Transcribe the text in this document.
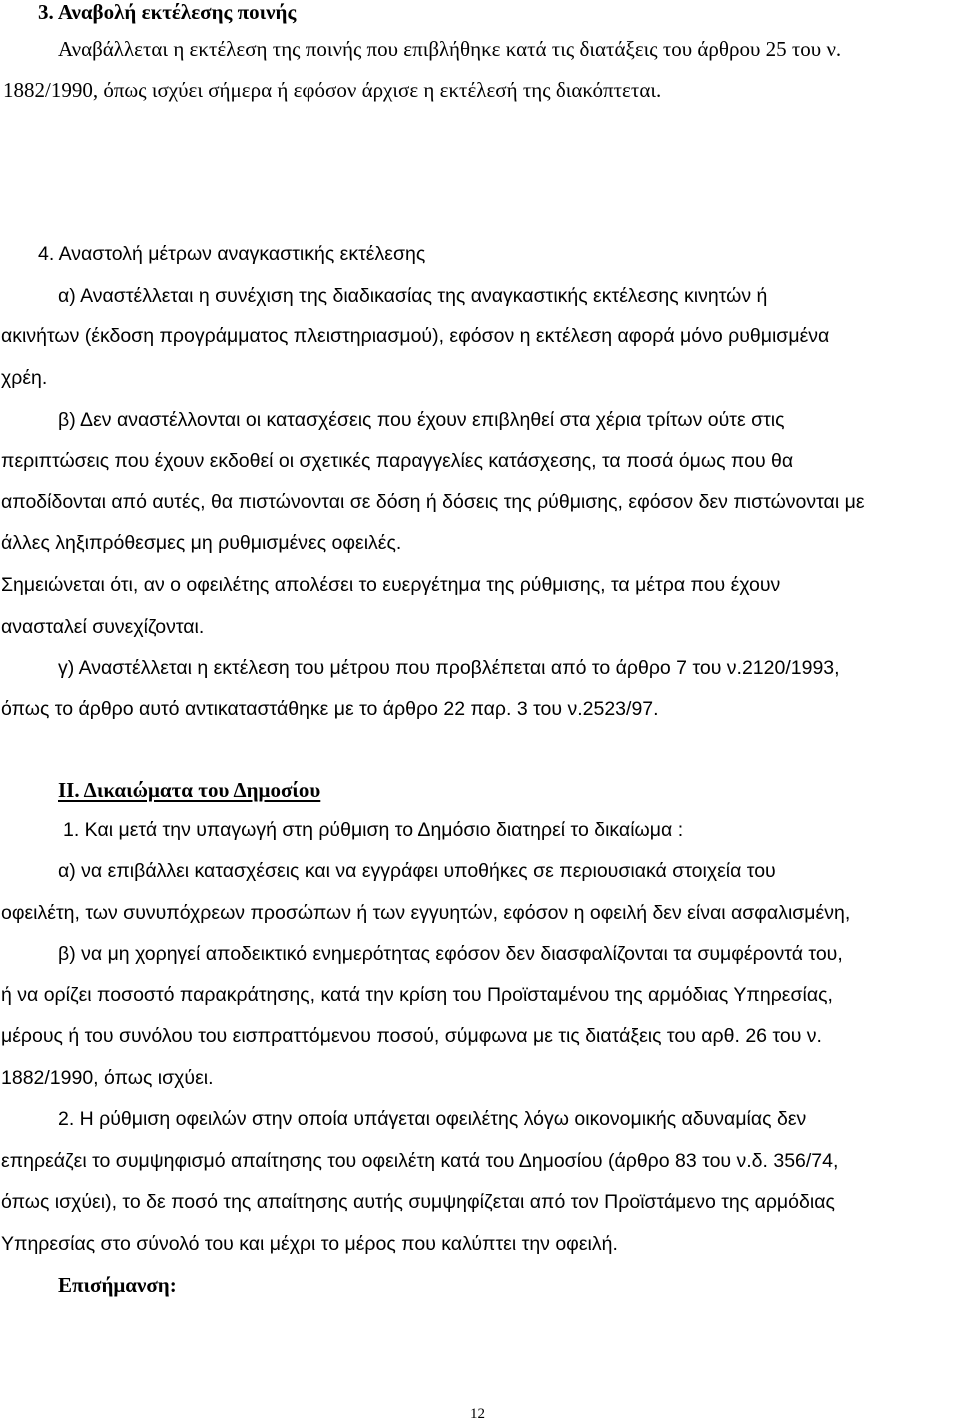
3. Αναβολή εκτέλεσης ποινής
Αναβάλλεται η εκτέλεση της ποινής που επιβλήθηκε κατά τις διατάξεις του άρθρου 25 του ν.
1882/1990, όπως ισχύει σήμερα ή εφόσον άρχισε η εκτέλεσή της διακόπτεται.
4. Αναστολή μέτρων αναγκαστικής εκτέλεσης
α) Αναστέλλεται η συνέχιση της διαδικασίας της αναγκαστικής εκτέλεσης κινητών ή
ακινήτων (έκδοση προγράμματος πλειστηριασμού), εφόσον η εκτέλεση αφορά μόνο ρυθμισμένα
χρέη.
β) Δεν αναστέλλονται οι κατασχέσεις που έχουν επιβληθεί στα χέρια τρίτων ούτε στις
περιπτώσεις που έχουν εκδοθεί οι σχετικές παραγγελίες κατάσχεσης, τα ποσά όμως που θα
αποδίδονται από αυτές, θα πιστώνονται σε δόση ή δόσεις της ρύθμισης, εφόσον δεν πιστώνονται με
άλλες ληξιπρόθεσμες μη ρυθμισμένες οφειλές.
Σημειώνεται ότι, αν ο οφειλέτης απολέσει το ευεργέτημα της ρύθμισης, τα μέτρα που έχουν
ανασταλεί συνεχίζονται.
γ) Αναστέλλεται η εκτέλεση του μέτρου που προβλέπεται από το άρθρο 7 του ν.2120/1993,
όπως το άρθρο αυτό αντικαταστάθηκε με το άρθρο 22 παρ. 3 του ν.2523/97.
ΙΙ. Δικαιώματα του Δημοσίου
1. Και μετά την υπαγωγή στη ρύθμιση το Δημόσιο διατηρεί το δικαίωμα :
α) να επιβάλλει κατασχέσεις και να εγγράφει υποθήκες σε περιουσιακά στοιχεία του
οφειλέτη, των συνυπόχρεων προσώπων ή των εγγυητών, εφόσον η οφειλή δεν είναι ασφαλισμένη,
β) να μη χορηγεί αποδεικτικό ενημερότητας εφόσον δεν διασφαλίζονται τα συμφέροντά του,
ή να ορίζει ποσοστό παρακράτησης, κατά την κρίση του Προϊσταμένου της αρμόδιας Υπηρεσίας,
μέρους ή του συνόλου του εισπραττόμενου ποσού, σύμφωνα με τις διατάξεις του αρθ. 26 του ν.
1882/1990, όπως ισχύει.
2. Η ρύθμιση οφειλών στην οποία υπάγεται οφειλέτης λόγω οικονομικής αδυναμίας δεν
επηρεάζει το συμψηφισμό απαίτησης του οφειλέτη κατά του Δημοσίου (άρθρο 83 του ν.δ. 356/74,
όπως ισχύει), το δε ποσό της απαίτησης αυτής συμψηφίζεται από τον Προϊστάμενο της αρμόδιας
Υπηρεσίας στο σύνολό του και μέχρι το μέρος που καλύπτει την οφειλή.
Επισήμανση:
12
